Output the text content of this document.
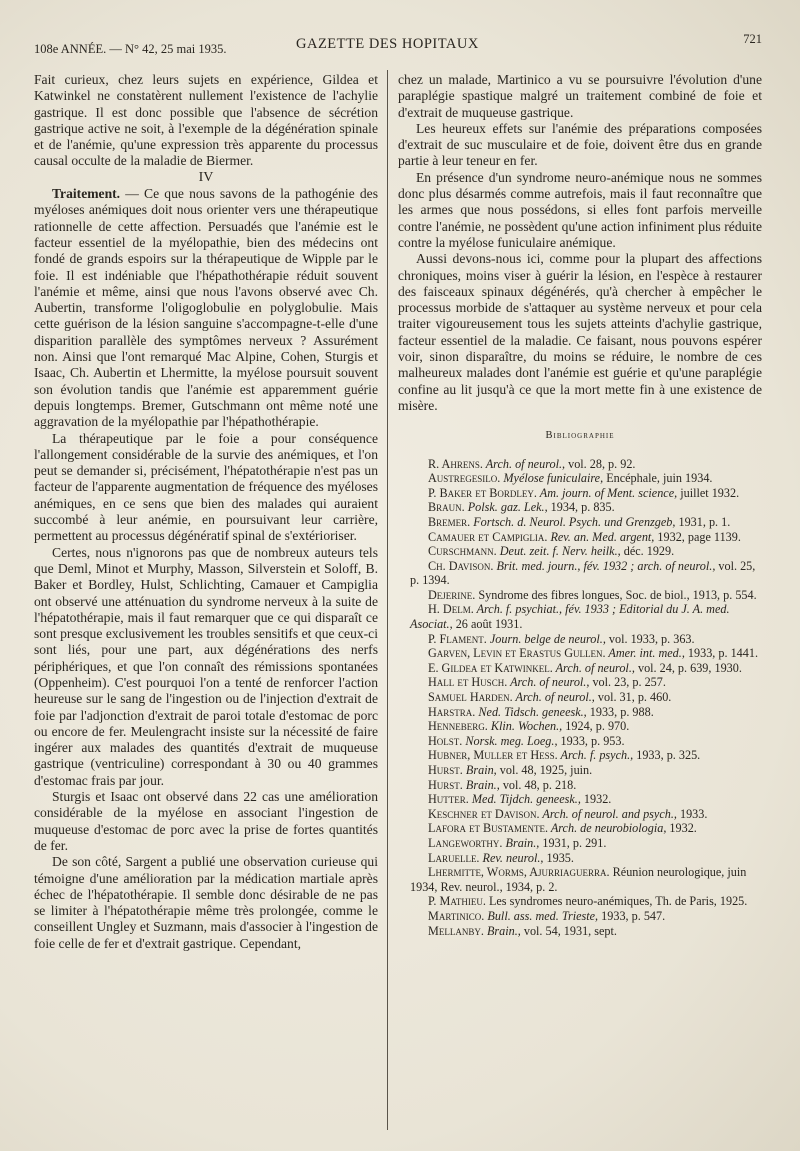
108e ANNÉE. — N° 42, 25 mai 1935.	GAZETTE DES HOPITAUX	721

Fait curieux, chez leurs sujets en expérience, Gildea et Katwinkel ne constatèrent nullement l'existence de l'achylie gastrique. Il est donc possible que l'absence de sécrétion gastrique active ne soit, à l'exemple de la dégénération spinale et de l'anémie, qu'une expression très apparente du processus causal occulte de la maladie de Biermer.

IV

Traitement. — Ce que nous savons de la pathogénie des myéloses anémiques doit nous orienter vers une thérapeutique rationnelle de cette affection. Persuadés que l'anémie est le facteur essentiel de la myélopathie, bien des médecins ont fondé de grands espoirs sur la thérapeutique de Wipple par le foie. Il est indéniable que l'hépathothérapie réduit souvent l'anémie et même, ainsi que nous l'avons observé avec Ch. Aubertin, transforme l'oligoglobulie en polyglobulie. Mais cette guérison de la lésion sanguine s'accompagne-t-elle d'une disparition parallèle des symptômes nerveux ? Assurément non. Ainsi que l'ont remarqué Mac Alpine, Cohen, Sturgis et Isaac, Ch. Aubertin et Lhermitte, la myélose poursuit souvent son évolution tandis que l'anémie est apparemment guérie depuis longtemps. Bremer, Gutschmann ont même noté une aggravation de la myélopathie par l'hépathothérapie.

La thérapeutique par le foie a pour conséquence l'allongement considérable de la survie des anémiques, et l'on peut se demander si, précisément, l'hépatothérapie n'est pas un facteur de l'apparente augmentation de fréquence des myéloses anémiques, en ce sens que bien des malades qui auraient succombé à leur anémie, en poursuivant leur carrière, permettent au processus dégénératif spinal de s'extérioriser.

Certes, nous n'ignorons pas que de nombreux auteurs tels que Deml, Minot et Murphy, Masson, Silverstein et Soloff, B. Baker et Bordley, Hulst, Schlichting, Camauer et Campiglia ont observé une atténuation du syndrome nerveux à la suite de l'hépatothérapie, mais il faut remarquer que ce qui disparaît ce sont presque exclusivement les troubles sensitifs et que ceux-ci sont liés, pour une part, aux dégénérations des nerfs périphériques, et que l'on connaît des rémissions spontanées (Oppenheim). C'est pourquoi l'on a tenté de renforcer l'action heureuse sur le sang de l'ingestion ou de l'injection d'extrait de foie par l'adjonction d'extrait de paroi totale d'estomac de porc ou encore de fer. Meulengracht insiste sur la nécessité de faire ingérer aux malades des quantités d'extrait de muqueuse gastrique (ventriculine) correspondant à 30 ou 40 grammes d'estomac frais par jour.

Sturgis et Isaac ont observé dans 22 cas une amélioration considérable de la myélose en associant l'ingestion de muqueuse d'estomac de porc avec la prise de fortes quantités de fer.

De son côté, Sargent a publié une observation curieuse qui témoigne d'une amélioration par la médication martiale après échec de l'hépatothérapie. Il semble donc désirable de ne pas se limiter à l'hépatothérapie même très prolongée, comme le conseillent Ungley et Suzmann, mais d'associer à l'ingestion de foie celle de fer et d'extrait gastrique. Cependant,

chez un malade, Martinico a vu se poursuivre l'évolution d'une paraplégie spastique malgré un traitement combiné de foie et d'extrait de muqueuse gastrique.

Les heureux effets sur l'anémie des préparations composées d'extrait de suc musculaire et de foie, doivent être dus en grande partie à leur teneur en fer.

En présence d'un syndrome neuro-anémique nous ne sommes donc plus désarmés comme autrefois, mais il faut reconnaître que les armes que nous possédons, si elles font parfois merveille contre l'anémie, ne possèdent qu'une action infiniment plus réduite contre la myélose funiculaire anémique.

Aussi devons-nous ici, comme pour la plupart des affections chroniques, moins viser à guérir la lésion, en l'espèce à restaurer des faisceaux spinaux dégénérés, qu'à chercher à empêcher le processus morbide de s'attaquer au système nerveux et pour cela traiter vigoureusement tous les sujets atteints d'achylie gastrique, facteur essentiel de la maladie. Ce faisant, nous pouvons espérer voir, sinon disparaître, du moins se réduire, le nombre de ces malheureux malades dont l'anémie est guérie et qu'une paraplégie confine au lit jusqu'à ce que la mort mette fin à une existence de misère.

Bibliographie

R. Ahrens. Arch. of neurol., vol. 28, p. 92.

Austregesilo. Myélose funiculaire, Encéphale, juin 1934.

P. Baker et Bordley. Am. journ. of Ment. science, juillet 1932.

Braun. Polsk. gaz. Lek., 1934, p. 835.

Bremer. Fortsch. d. Neurol. Psych. und Grenzgeb, 1931, p. 1.

Camauer et Campiglia. Rev. an. Med. argent, 1932, page 1139.

Curschmann. Deut. zeit. f. Nerv. heilk., déc. 1929.

Ch. Davison. Brit. med. journ., fév. 1932 ; arch. of neurol., vol. 25, p. 1394.

Dejerine. Syndrome des fibres longues, Soc. de biol., 1913, p. 554.

H. Delm. Arch. f. psychiat., fév. 1933 ; Editorial du J. A. med. Asociat., 26 août 1931.

P. Flament. Journ. belge de neurol., vol. 1933, p. 363.

Garven, Levin et Erastus Gullen. Amer. int. med., 1933, p. 1441.

E. Gildea et Katwinkel. Arch. of neurol., vol. 24, p. 639, 1930.

Hall et Husch. Arch. of neurol., vol. 23, p. 257.

Samuel Harden. Arch. of neurol., vol. 31, p. 460.

Harstra. Ned. Tidsch. geneesk., 1933, p. 988.

Henneberg. Klin. Wochen., 1924, p. 970.

Holst. Norsk. meg. Loeg., 1933, p. 953.

Hubner, Muller et Hess. Arch. f. psych., 1933, p. 325.

Hurst. Brain, vol. 48, 1925, juin.

Hurst. Brain., vol. 48, p. 218.

Hutter. Med. Tijdch. geneesk., 1932.

Keschner et Davison. Arch. of neurol. and psych., 1933.

Lafora et Bustamente. Arch. de neurobiologia, 1932.

Langeworthy. Brain., 1931, p. 291.

Laruelle. Rev. neurol., 1935.

Lhermitte, Worms, Ajurriaguerra. Réunion neurologique, juin 1934, Rev. neurol., 1934, p. 2.

P. Mathieu. Les syndromes neuro-anémiques, Th. de Paris, 1925.

Martinico. Bull. ass. med. Trieste, 1933, p. 547.

Mellanby. Brain., vol. 54, 1931, sept.
